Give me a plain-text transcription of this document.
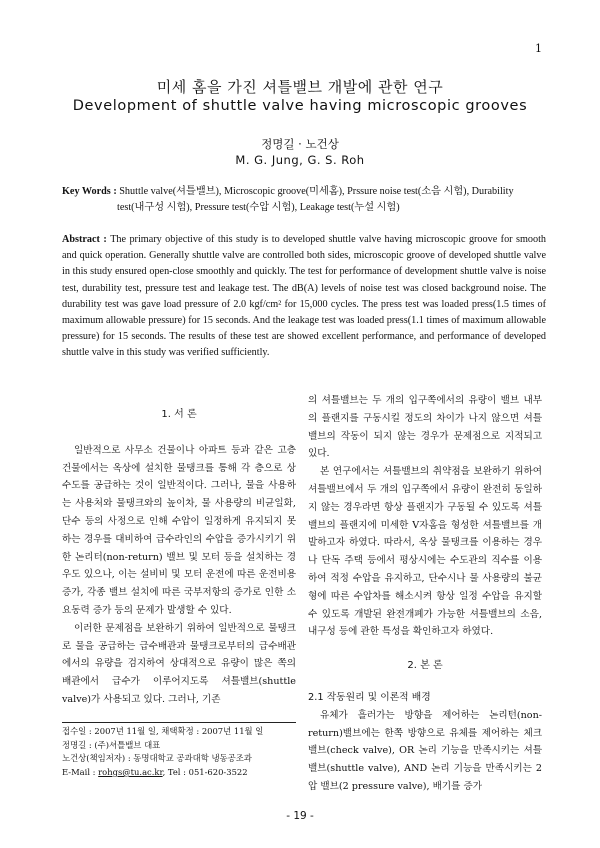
1
미세 홈을 가진 셔틀밸브 개발에 관한 연구
Development of shuttle valve having microscopic grooves
정명길 · 노건상
M. G. Jung, G. S. Roh
Key Words : Shuttle valve(셔틀밸브), Microscopic groove(미세홈), Prssure noise test(소음 시험), Durability
test(내구성 시험), Pressure test(수압 시험), Leakage test(누설 시험)
Abstract : The primary objective of this study is to developed shuttle valve having microscopic groove for smooth and quick operation. Generally shuttle valve are controlled both sides, microscopic groove of developed shuttle valve in this study ensured open-close smoothly and quickly. The test for performance of development shuttle valve is noise test, durability test, pressure test and leakage test. The dB(A) levels of noise test was closed background noise. The durability test was gave load pressure of 2.0 kgf/cm² for 15,000 cycles. The press test was loaded press(1.5 times of maximum allowable pressure) for 15 seconds. And the leakage test was loaded press(1.1 times of maximum allowable pressure) for 15 seconds. The results of these test are showed excellent performance, and performance of developed shuttle valve in this study was verified sufficiently.
1. 서 론

일반적으로 사무소 건물이나 아파트 등과 같은 고층 건물에서는 옥상에 설치한 물탱크를 통해 각 층으로 상수도를 공급하는 것이 일반적이다. 그러나, 물을 사용하는 사용처와 물탱크와의 높이차, 물 사용량의 비균일화, 단수 등의 사정으로 인해 수압이 일정하게 유지되지 못하는 경우를 대비하여 급수라인의 수압을 증가시키기 위한 논리터(non-return) 밸브 및 모터 등을 설치하는 경우도 있으나, 이는 설비비 및 모터 운전에 따른 운전비용 증가, 각종 밸브 설치에 따른 국부저항의 증가로 인한 소요동력 증가 등의 문제가 발생할 수 있다.

이러한 문제점을 보완하기 위하여 일반적으로 물탱크로 물을 공급하는 급수배관과 물탱크로부터의 급수배관에서의 유량을 검지하여 상대적으로 유량이 많은 쪽의 배관에서 급수가 이루어지도록 셔틀밸브(shuttle valve)가 사용되고 있다. 그러나, 기존

의 셔틀밸브는 두 개의 입구쪽에서의 유량이 밸브 내부의 플랜지를 구동시킬 정도의 차이가 나지 않으면 셔틀밸브의 작동이 되지 않는 경우가 문제점으로 지적되고 있다.

본 연구에서는 셔틀밸브의 취약점을 보완하기 위하여 셔틀밸브에서 두 개의 입구쪽에서 유량이 완전히 동일하지 않는 경우라면 항상 플랜지가 구동될 수 있도록 셔틀밸브의 플랜지에 미세한 V자홈을 형성한 셔틀밸브를 개발하고자 하였다. 따라서, 옥상 물탱크를 이용하는 경우나 단독 주택 등에서 평상시에는 수도관의 직수를 이용하여 적정 수압을 유지하고, 단수시나 물 사용량의 불균형에 따른 수압차를 해소시켜 항상 일정 수압을 유지할 수 있도록 개발된 완전개폐가 가능한 셔틀밸브의 소음, 내구성 등에 관한 특성을 확인하고자 하였다.

2. 본 론
2.1 작동원리 및 이론적 배경

유체가 흘러가는 방향을 제어하는 논리턴(non-return)밸브에는 한쪽 방향으로 유체를 제어하는 체크밸브(check valve), OR 논리 기능을 만족시키는 셔틀밸브(shuttle valve), AND 논리 기능을 만족시키는 2압 밸브(2 pressure valve), 배기를 증가

접수일 : 2007년 11월 일, 채택확정 : 2007년 11월 일
정명길 : (주)셔틀밸브 대표
노건상(책임저자) : 동명대학교 공과대학 냉동공조과
E-Mail : rohgs@tu.ac.kr, Tel : 051-620-3522
- 19 -
